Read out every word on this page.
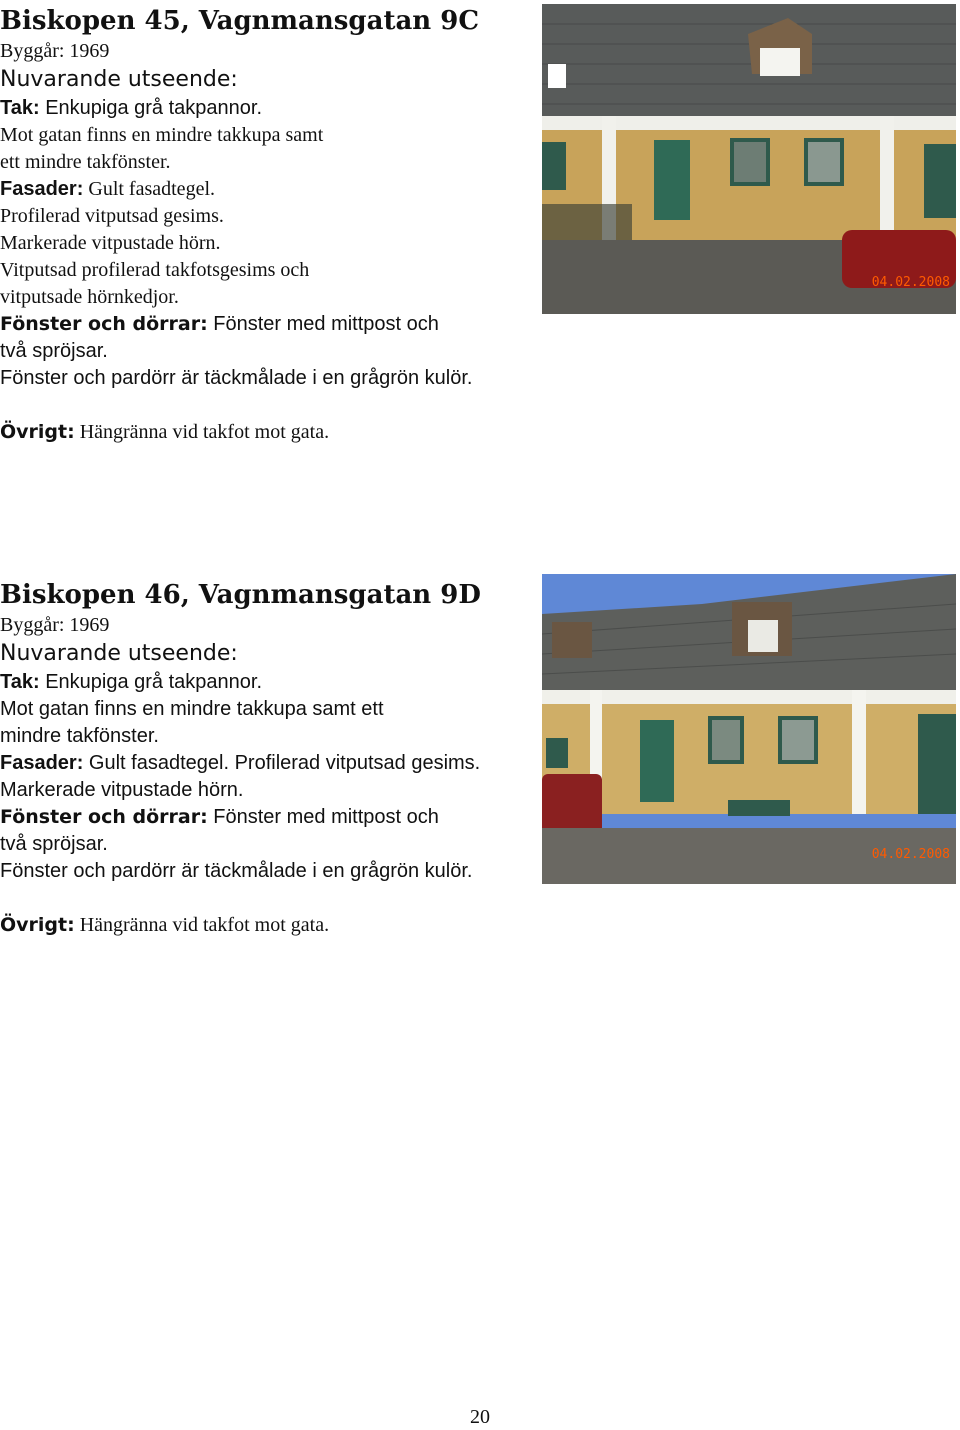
Biskopen 45, Vagnmansgatan 9C

Byggår: 1969

Nuvarande utseende:

Tak: Enkupiga grå takpannor.

Mot gatan finns en mindre takkupa samt

ett mindre takfönster.

Fasader: Gult fasadtegel.

Profilerad vitputsad gesims.

Markerade vitpustade hörn.

Vitputsad profilerad takfotsgesims och

vitputsade hörnkedjor.

Fönster och dörrar: Fönster med mittpost och

två spröjsar.

Fönster och pardörr är täckmålade i en grågrön kulör.

Övrigt: Hängränna vid takfot mot gata.

04.02.2008

Biskopen 46, Vagnmansgatan 9D

Byggår: 1969

Nuvarande utseende:

Tak: Enkupiga grå takpannor.

Mot gatan finns en mindre takkupa samt ett

mindre takfönster.

Fasader: Gult fasadtegel. Profilerad vitputsad gesims.

Markerade vitpustade hörn.

Fönster och dörrar: Fönster med mittpost och

två spröjsar.

Fönster och pardörr är täckmålade i en grågrön kulör.

Övrigt: Hängränna vid takfot mot gata.

04.02.2008
20
